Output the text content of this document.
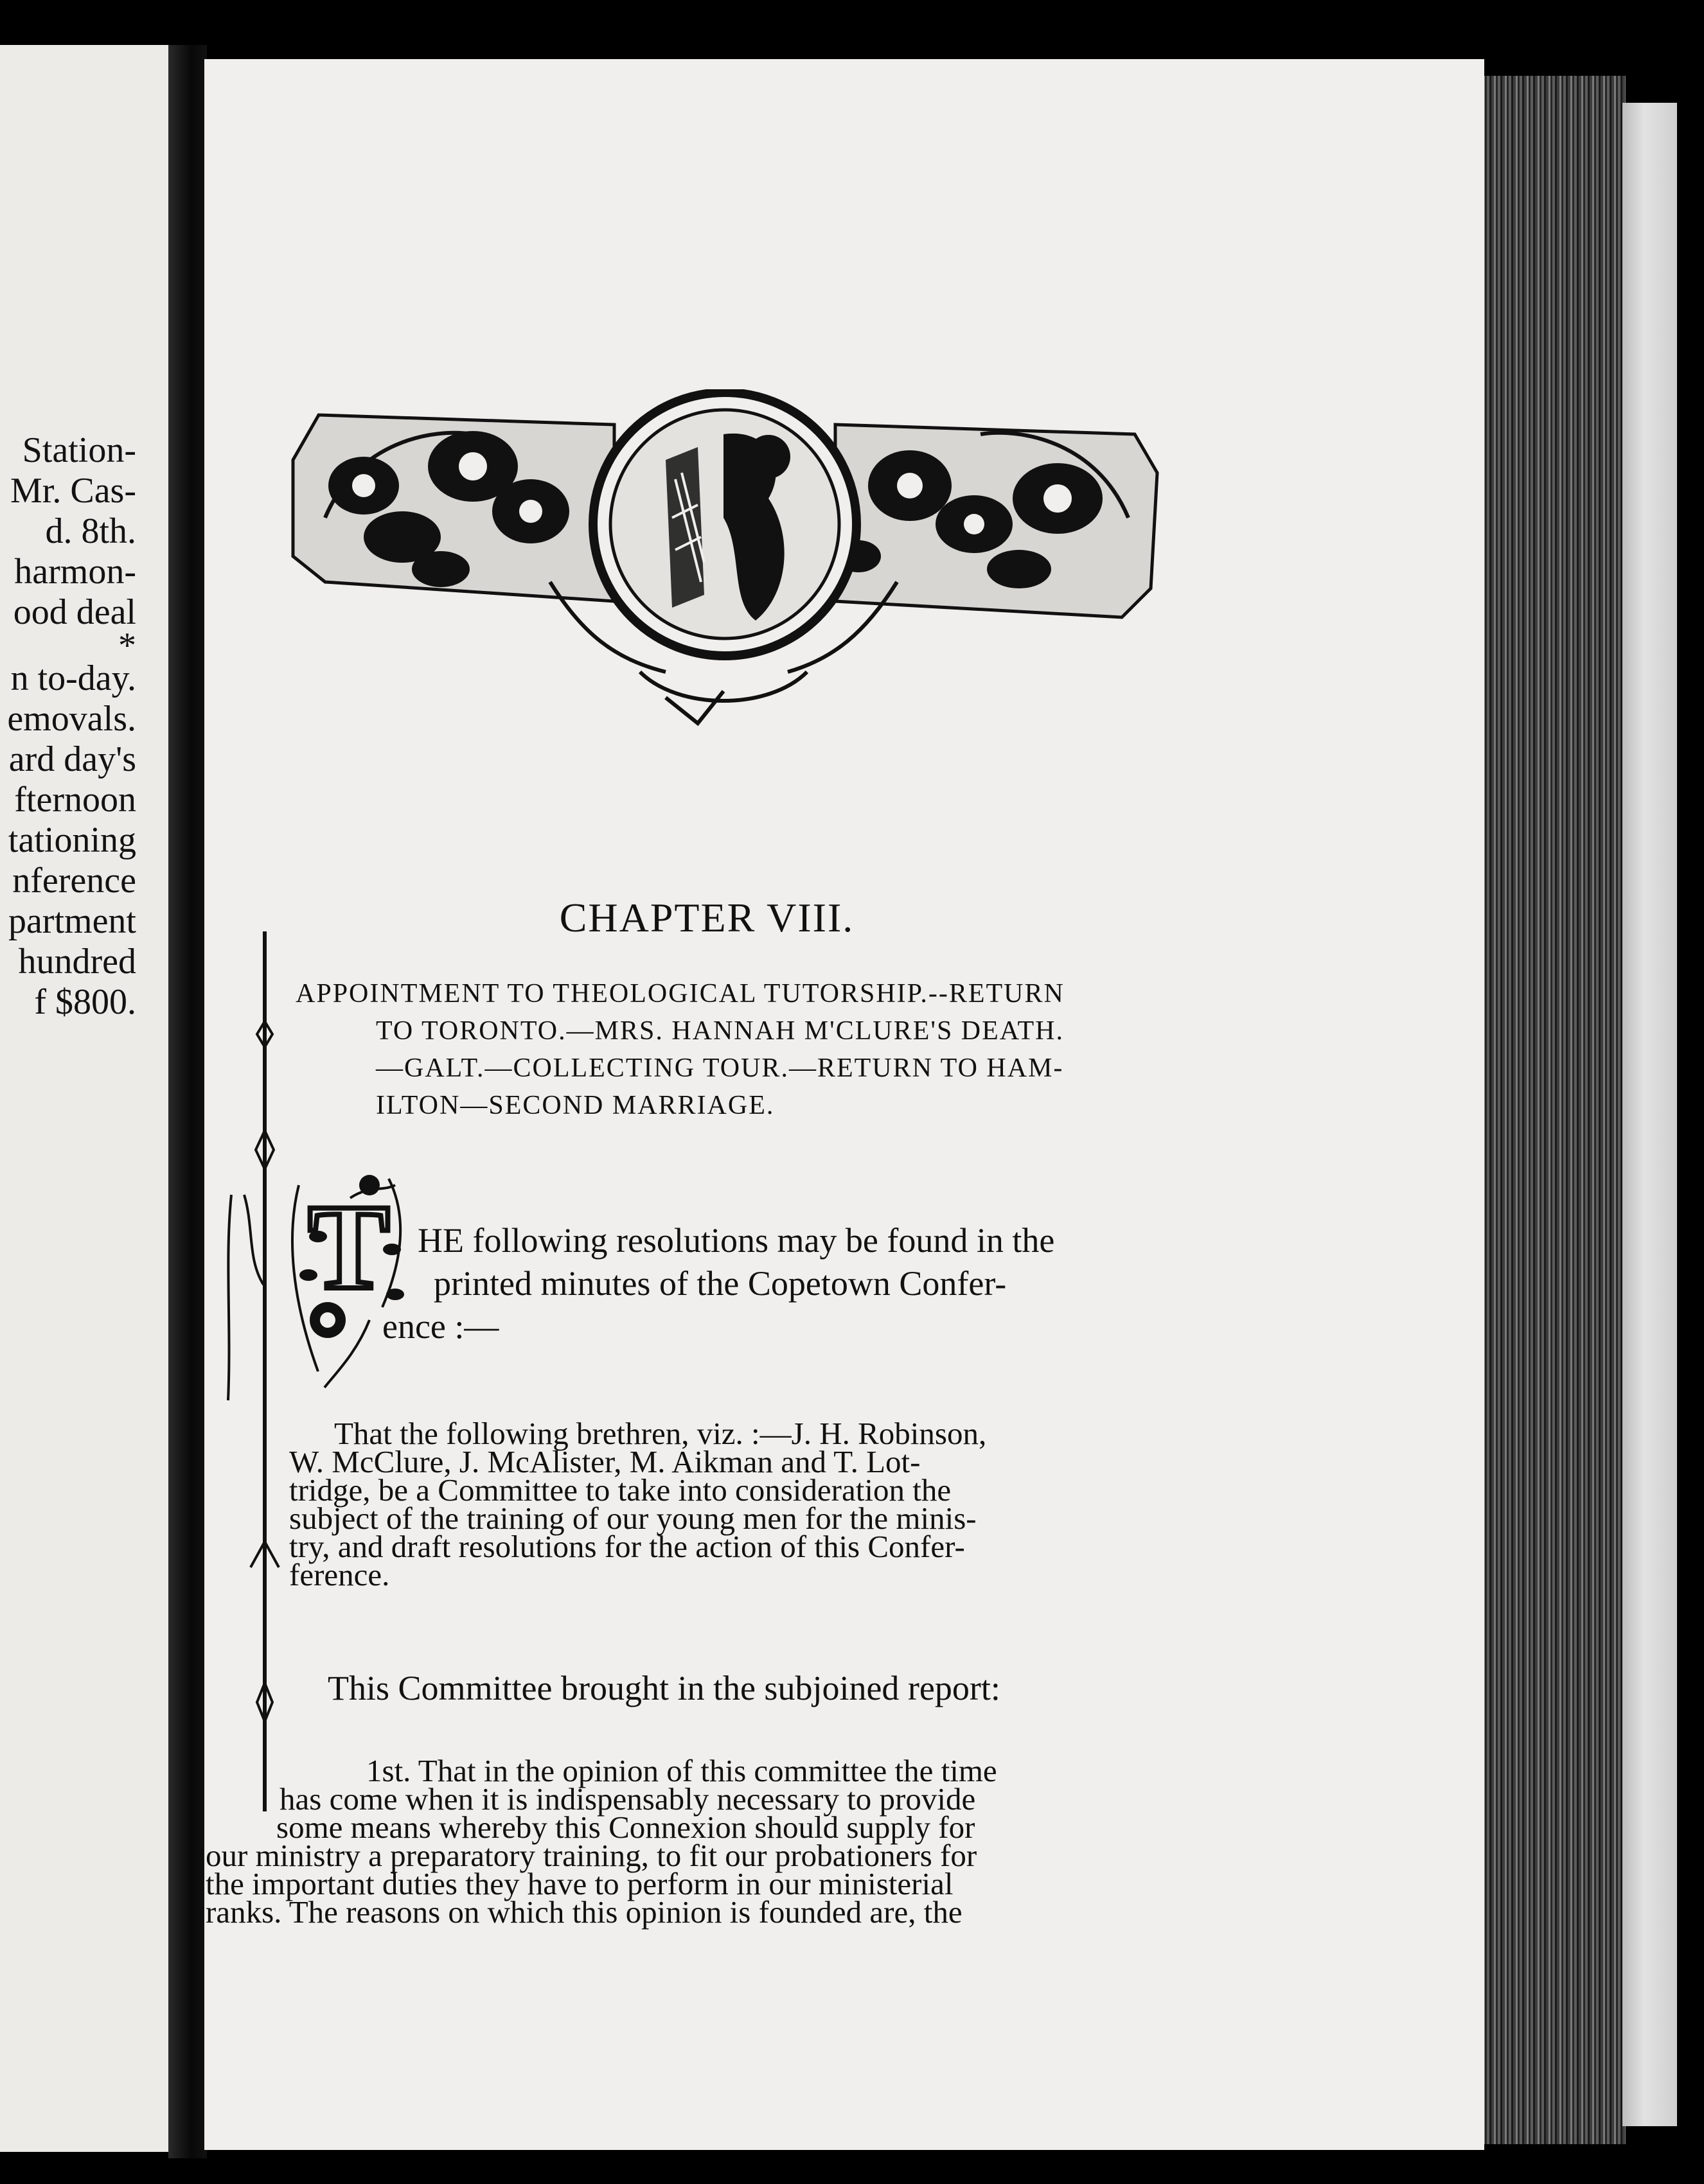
Station-
Mr. Cas-
d. 8th.
harmon-
ood deal
*
n to-day.
emovals.
ard day's
fternoon
tationing
nference
partment
hundred
f $800.
CHAPTER VIII.
APPOINTMENT TO THEOLOGICAL TUTORSHIP.--RETURN
TO TORONTO.—MRS. HANNAH M'CLURE'S DEATH.
—GALT.—COLLECTING TOUR.—RETURN TO HAM-
ILTON—SECOND MARRIAGE.
T HE following resolutions may be found in the
printed minutes of the Copetown Confer-
ence :—
That the following brethren, viz. :—J. H. Robinson,
W. McClure, J. McAlister, M. Aikman and T. Lot-
tridge, be a Committee to take into consideration the
subject of the training of our young men for the minis-
try, and draft resolutions for the action of this Confer-
ference.
This Committee brought in the subjoined report:
1st. That in the opinion of this committee the time
has come when it is indispensably necessary to provide
some means whereby this Connexion should supply for
our ministry a preparatory training, to fit our probationers for
the important duties they have to perform in our ministerial
ranks. The reasons on which this opinion is founded are, the
